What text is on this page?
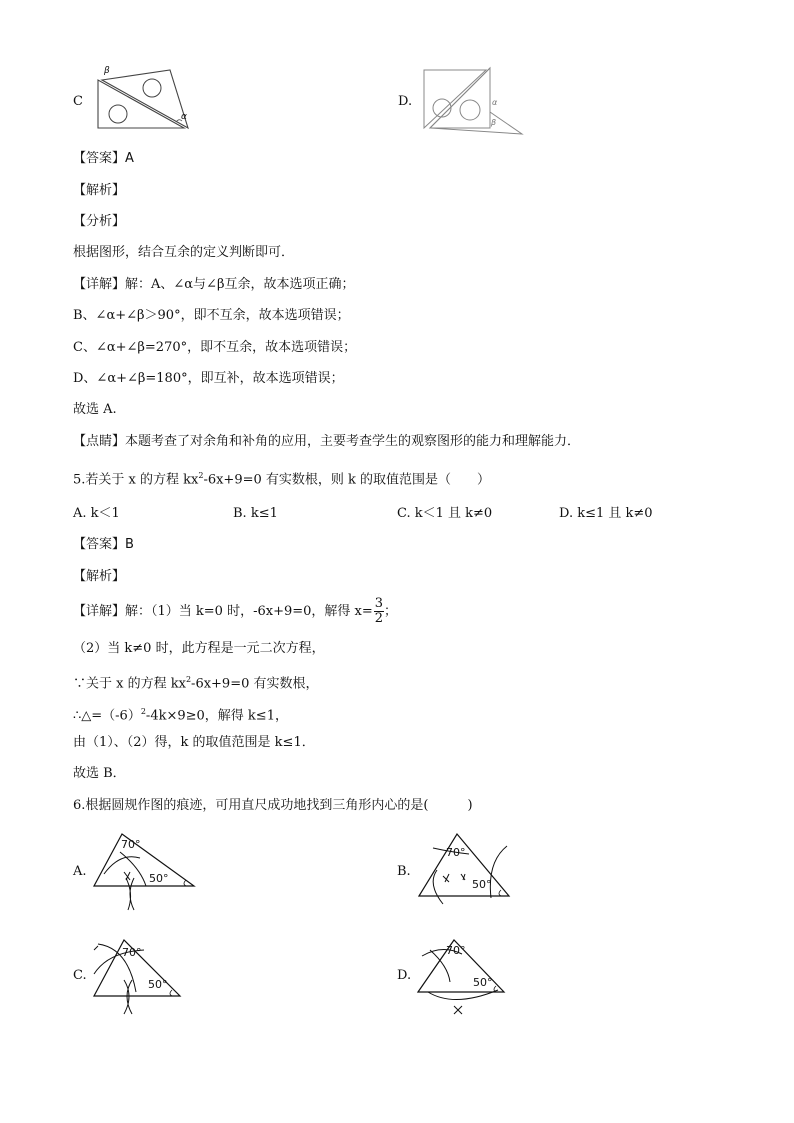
C
β
α
D.	α
β
【答案】A
【解析】
【分析】
根据图形，结合互余的定义判断即可．
【详解】解：A、∠α与∠β互余，故本选项正确；
B、∠α+∠β＞90°，即不互余，故本选项错误；
C、∠α+∠β=270°，即不互余，故本选项错误；
D、∠α+∠β=180°，即互补，故本选项错误；
故选 A.
【点睛】本题考查了对余角和补角的应用，主要考查学生的观察图形的能力和理解能力．
5.若关于 x 的方程 $kx^2-6x+9=0$ 有实数根，则 k 的取值范围是（　　）
A. k＜1	B. k≤1	C. k＜1 且 k≠0	D. k≤1 且 k≠0
【答案】B
【解析】
【详解】解：（1）当 k=0 时，-6x+9=0，解得 $x= \frac{3}{2}$ ；
（2）当 k≠0 时，此方程是一元二次方程，
∵关于 x 的方程 $kx^2-6x+9=0$ 有实数根，
$\therefore\triangle=(-6)^2-4k\times 9\ge 0$，解得 k≤1，
由（1）、（2）得，k 的取值范围是 k≤1．
故选 B．
6.根据圆规作图的痕迹，可用直尺成功地找到三角形内心的是(　　　)
A.
70°
50°	B.
70°
50°
C.
70°
50°
D.
70°
50°
